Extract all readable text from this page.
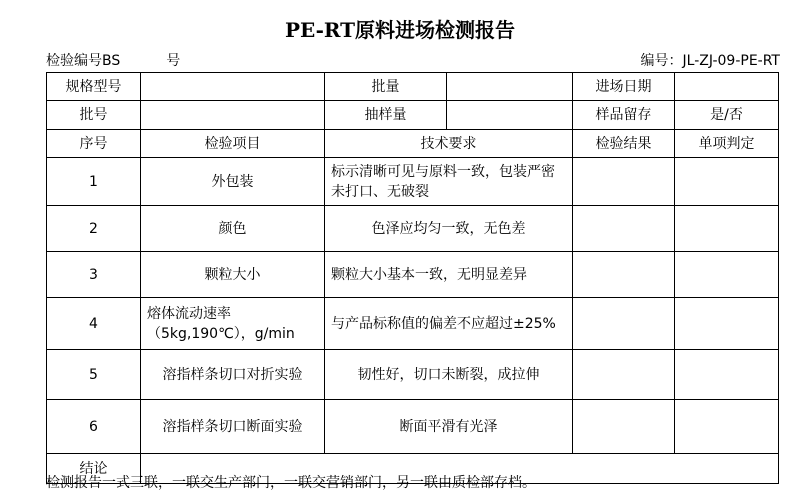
PE-RT原料进场检测报告
检验编号BS	号	编号：JL-ZJ-09-PE-RT
规格型号		批量		进场日期	
批号		抽样量		样品留存	是/否
序号	检验项目	技术要求		检验结果	单项判定
1	外包装	标示清晰可见与原料一致，包装严密未打口、无破裂			
2	颜色	色泽应均匀一致，无色差			
3	颗粒大小	颗粒大小基本一致，无明显差异			
4	熔体流动速率（5kg,190℃），g/min	与产品标称值的偏差不应超过±25%			
5	溶指样条切口对折实验	韧性好，切口未断裂，成拉伸			
6	溶指样条切口断面实验	断面平滑有光泽			
结论					
检测报告一式三联，一联交生产部门，一联交营销部门，另一联由质检部存档。
